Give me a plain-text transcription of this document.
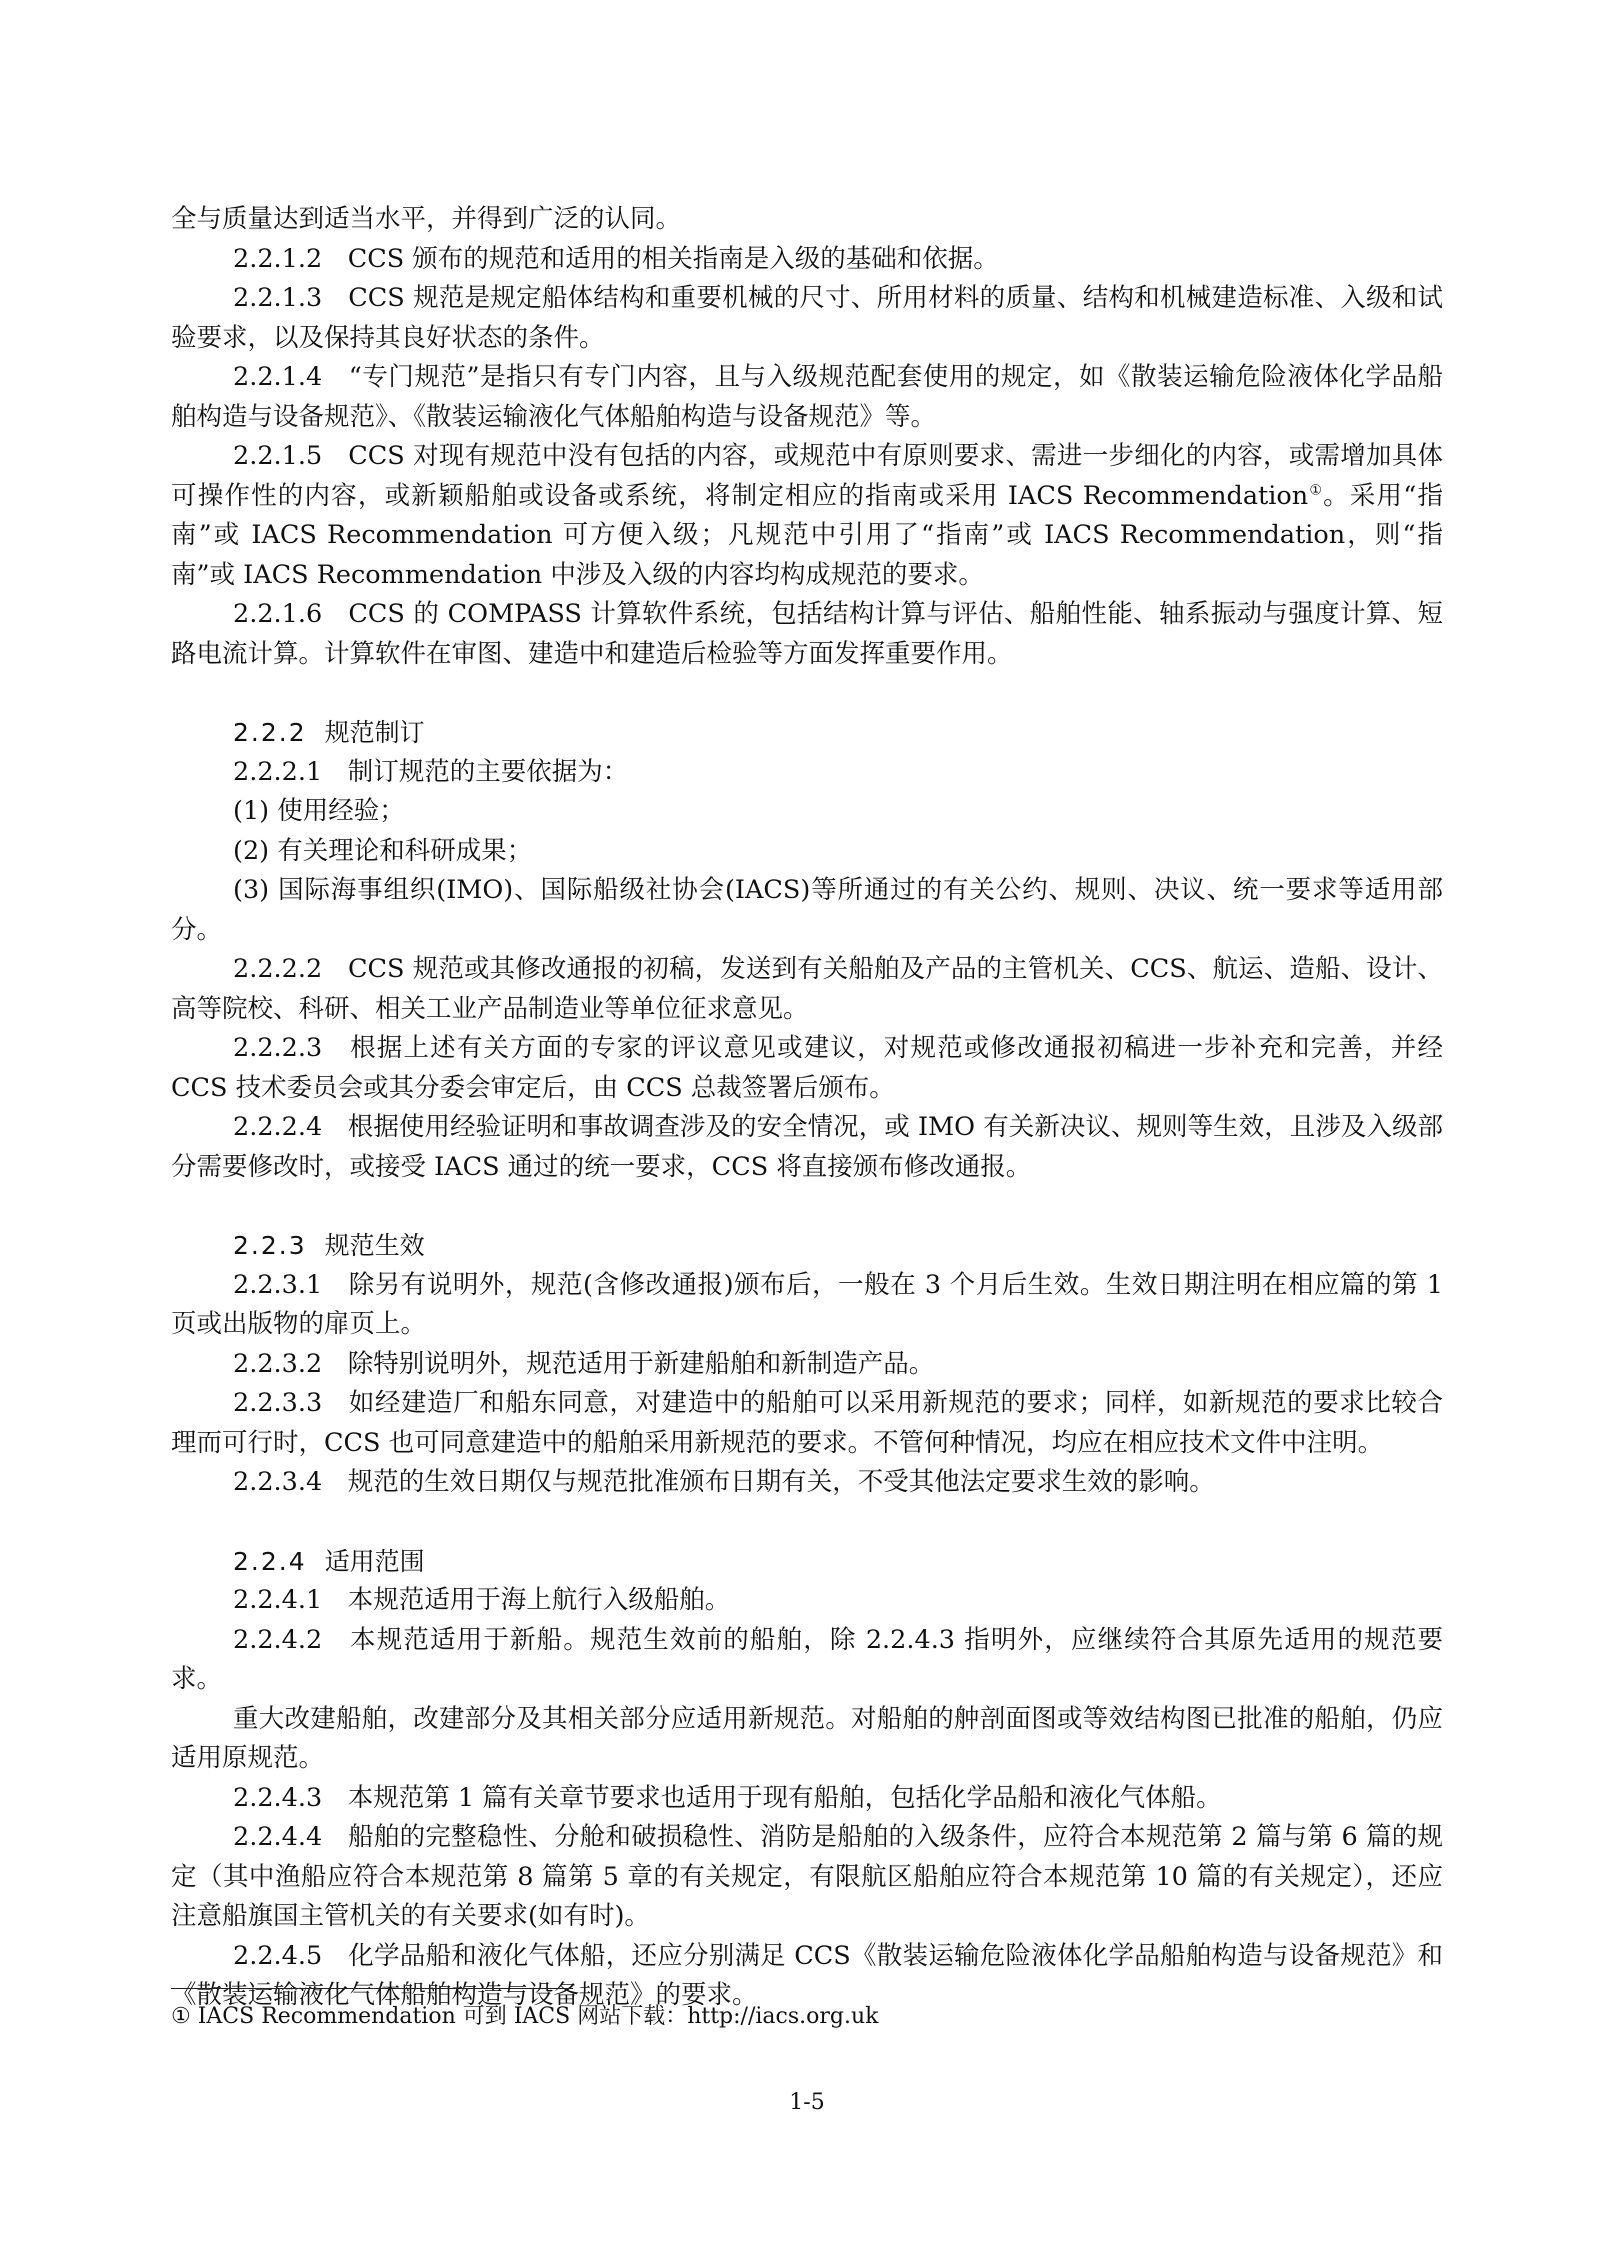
全与质量达到适当水平，并得到广泛的认同。

2.2.1.2　CCS 颁布的规范和适用的相关指南是入级的基础和依据。

2.2.1.3　CCS 规范是规定船体结构和重要机械的尺寸、所用材料的质量、结构和机械建造标准、入级和试验要求，以及保持其良好状态的条件。

2.2.1.4　“专门规范”是指只有专门内容，且与入级规范配套使用的规定，如《散装运输危险液体化学品船舶构造与设备规范》、《散装运输液化气体船舶构造与设备规范》等。

2.2.1.5　CCS 对现有规范中没有包括的内容，或规范中有原则要求、需进一步细化的内容，或需增加具体可操作性的内容，或新颖船舶或设备或系统，将制定相应的指南或采用 IACS Recommendation①。采用“指南”或 IACS Recommendation 可方便入级；凡规范中引用了“指南”或 IACS Recommendation，则“指南”或 IACS Recommendation 中涉及入级的内容均构成规范的要求。

2.2.1.6　CCS 的 COMPASS 计算软件系统，包括结构计算与评估、船舶性能、轴系振动与强度计算、短路电流计算。计算软件在审图、建造中和建造后检验等方面发挥重要作用。

2.2.2 规范制订

2.2.2.1　制订规范的主要依据为：

(1) 使用经验；

(2) 有关理论和科研成果；

(3) 国际海事组织(IMO)、国际船级社协会(IACS)等所通过的有关公约、规则、决议、统一要求等适用部分。

2.2.2.2　CCS 规范或其修改通报的初稿，发送到有关船舶及产品的主管机关、CCS、航运、造船、设计、高等院校、科研、相关工业产品制造业等单位征求意见。

2.2.2.3　根据上述有关方面的专家的评议意见或建议，对规范或修改通报初稿进一步补充和完善，并经 CCS 技术委员会或其分委会审定后，由 CCS 总裁签署后颁布。

2.2.2.4　根据使用经验证明和事故调查涉及的安全情况，或 IMO 有关新决议、规则等生效，且涉及入级部分需要修改时，或接受 IACS 通过的统一要求，CCS 将直接颁布修改通报。

2.2.3 规范生效

2.2.3.1　除另有说明外，规范(含修改通报)颁布后，一般在 3 个月后生效。生效日期注明在相应篇的第 1 页或出版物的扉页上。

2.2.3.2　除特别说明外，规范适用于新建船舶和新制造产品。

2.2.3.3　如经建造厂和船东同意，对建造中的船舶可以采用新规范的要求；同样，如新规范的要求比较合理而可行时，CCS 也可同意建造中的船舶采用新规范的要求。不管何种情况，均应在相应技术文件中注明。

2.2.3.4　规范的生效日期仅与规范批准颁布日期有关，不受其他法定要求生效的影响。

2.2.4 适用范围

2.2.4.1　本规范适用于海上航行入级船舶。

2.2.4.2　本规范适用于新船。规范生效前的船舶，除 2.2.4.3 指明外，应继续符合其原先适用的规范要求。

重大改建船舶，改建部分及其相关部分应适用新规范。对船舶的舯剖面图或等效结构图已批准的船舶，仍应适用原规范。

2.2.4.3　本规范第 1 篇有关章节要求也适用于现有船舶，包括化学品船和液化气体船。

2.2.4.4　船舶的完整稳性、分舱和破损稳性、消防是船舶的入级条件，应符合本规范第 2 篇与第 6 篇的规定（其中渔船应符合本规范第 8 篇第 5 章的有关规定，有限航区船舶应符合本规范第 10 篇的有关规定），还应注意船旗国主管机关的有关要求(如有时)。

2.2.4.5　化学品船和液化气体船，还应分别满足 CCS《散装运输危险液体化学品船舶构造与设备规范》和《散装运输液化气体船舶构造与设备规范》的要求。

① IACS Recommendation 可到 IACS 网站下载：http://iacs.org.uk
1-5
